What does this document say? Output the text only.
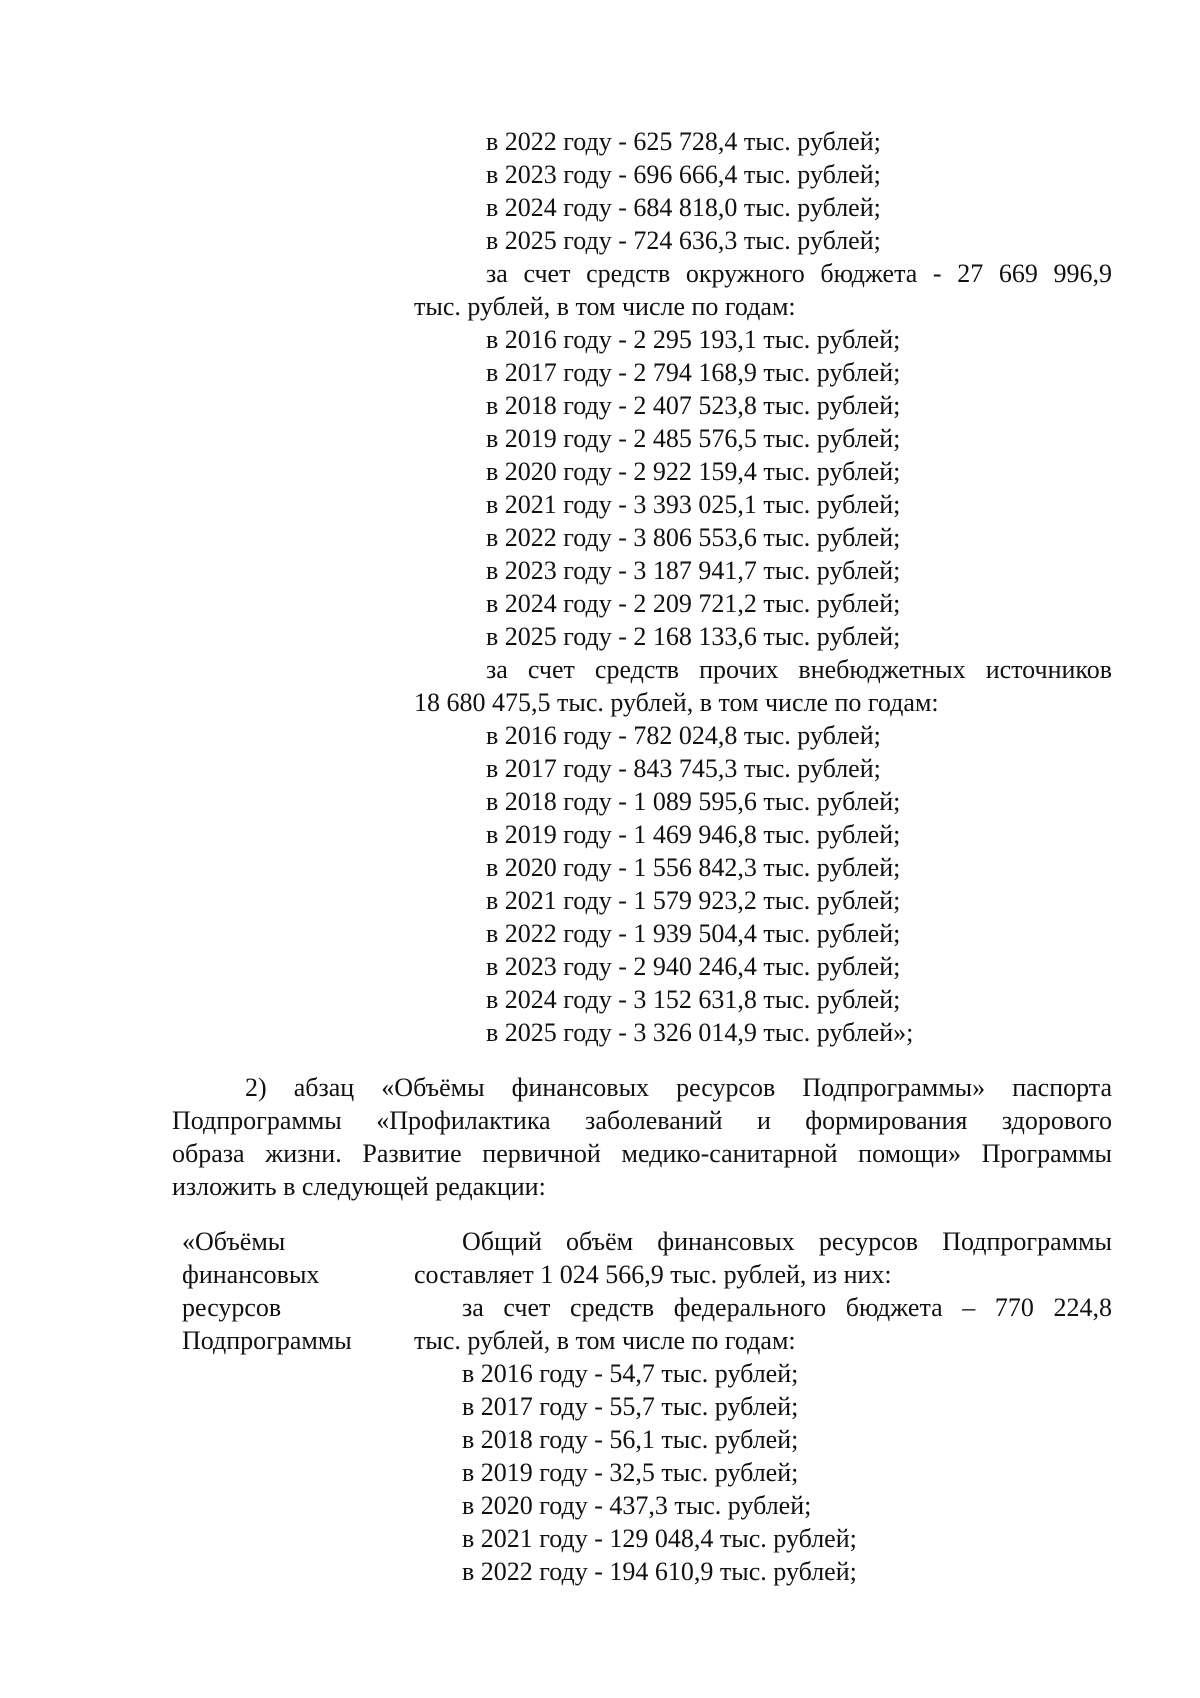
в 2022 году - 625 728,4 тыс. рублей;
в 2023 году - 696 666,4 тыс. рублей;
в 2024 году - 684 818,0 тыс. рублей;
в 2025 году - 724 636,3 тыс. рублей;
за счет средств окружного бюджета - 27 669 996,9
тыс. рублей, в том числе по годам:
в 2016 году - 2 295 193,1 тыс. рублей;
в 2017 году - 2 794 168,9 тыс. рублей;
в 2018 году - 2 407 523,8 тыс. рублей;
в 2019 году - 2 485 576,5 тыс. рублей;
в 2020 году - 2 922 159,4 тыс. рублей;
в 2021 году - 3 393 025,1 тыс. рублей;
в 2022 году - 3 806 553,6 тыс. рублей;
в 2023 году - 3 187 941,7 тыс. рублей;
в 2024 году - 2 209 721,2 тыс. рублей;
в 2025 году - 2 168 133,6 тыс. рублей;
за счет средств прочих внебюджетных источников
18 680 475,5 тыс. рублей, в том числе по годам:
в 2016 году - 782 024,8 тыс. рублей;
в 2017 году - 843 745,3 тыс. рублей;
в 2018 году - 1 089 595,6 тыс. рублей;
в 2019 году - 1 469 946,8 тыс. рублей;
в 2020 году - 1 556 842,3 тыс. рублей;
в 2021 году - 1 579 923,2 тыс. рублей;
в 2022 году - 1 939 504,4 тыс. рублей;
в 2023 году - 2 940 246,4 тыс. рублей;
в 2024 году - 3 152 631,8 тыс. рублей;
в 2025 году - 3 326 014,9 тыс. рублей»;
2) абзац «Объёмы финансовых ресурсов Подпрограммы» паспорта
Подпрограммы «Профилактика заболеваний и формирования здорового
образа жизни. Развитие первичной медико-санитарной помощи» Программы
изложить в следующей редакции:
«Объёмы
финансовых
ресурсов
Подпрограммы
Общий объём финансовых ресурсов Подпрограммы
составляет 1 024 566,9 тыс. рублей, из них:
за счет средств федерального бюджета – 770 224,8
тыс. рублей, в том числе по годам:
в 2016 году - 54,7 тыс. рублей;
в 2017 году - 55,7 тыс. рублей;
в 2018 году - 56,1 тыс. рублей;
в 2019 году - 32,5 тыс. рублей;
в 2020 году - 437,3 тыс. рублей;
в 2021 году - 129 048,4 тыс. рублей;
в 2022 году - 194 610,9 тыс. рублей;
